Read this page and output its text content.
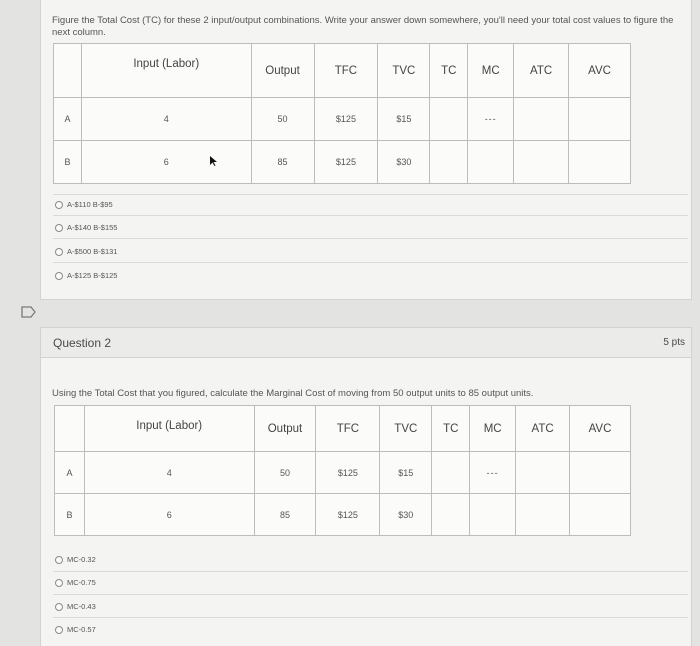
Figure the Total Cost (TC) for these 2 input/output combinations. Write your answer down somewhere, you'll need your total cost values to figure the next column.
	Input (Labor)	Output	TFC	TVC	TC	MC	ATC	AVC
A	4	50	$125	$15		---		
B	6	85	$125	$30				
A-$110 B-$95
A-$140 B-$155
A-$500 B-$131
A-$125 B-$125
Question 2	5 pts
Using the Total Cost that you figured, calculate the Marginal Cost of moving from 50 output units to 85 output units.
	Input (Labor)	Output	TFC	TVC	TC	MC	ATC	AVC
A	4	50	$125	$15		---		
B	6	85	$125	$30				
MC-0.32
MC-0.75
MC-0.43
MC-0.57
